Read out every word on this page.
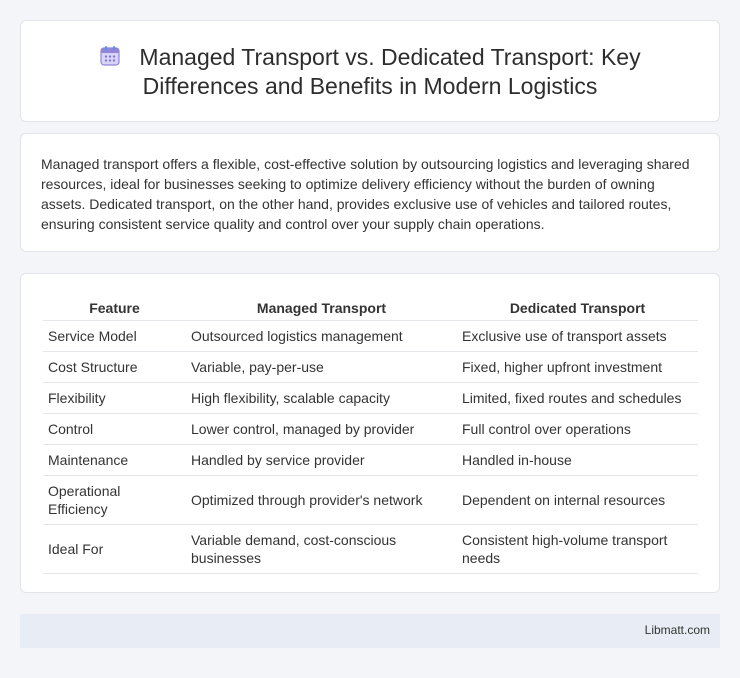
Managed Transport vs. Dedicated Transport: Key
Differences and Benefits in Modern Logistics

Managed transport offers a flexible, cost-effective solution by outsourcing logistics and leveraging shared resources, ideal for businesses seeking to optimize delivery efficiency without the burden of owning assets. Dedicated transport, on the other hand, provides exclusive use of vehicles and tailored routes, ensuring consistent service quality and control over your supply chain operations.

Feature	Managed Transport	Dedicated Transport
Service Model	Outsourced logistics management	Exclusive use of transport assets
Cost Structure	Variable, pay-per-use	Fixed, higher upfront investment
Flexibility	High flexibility, scalable capacity	Limited, fixed routes and schedules
Control	Lower control, managed by provider	Full control over operations
Maintenance	Handled by service provider	Handled in-house
Operational Efficiency	Optimized through provider's network	Dependent on internal resources
Ideal For	Variable demand, cost-conscious businesses	Consistent high-volume transport needs
Libmatt.com
